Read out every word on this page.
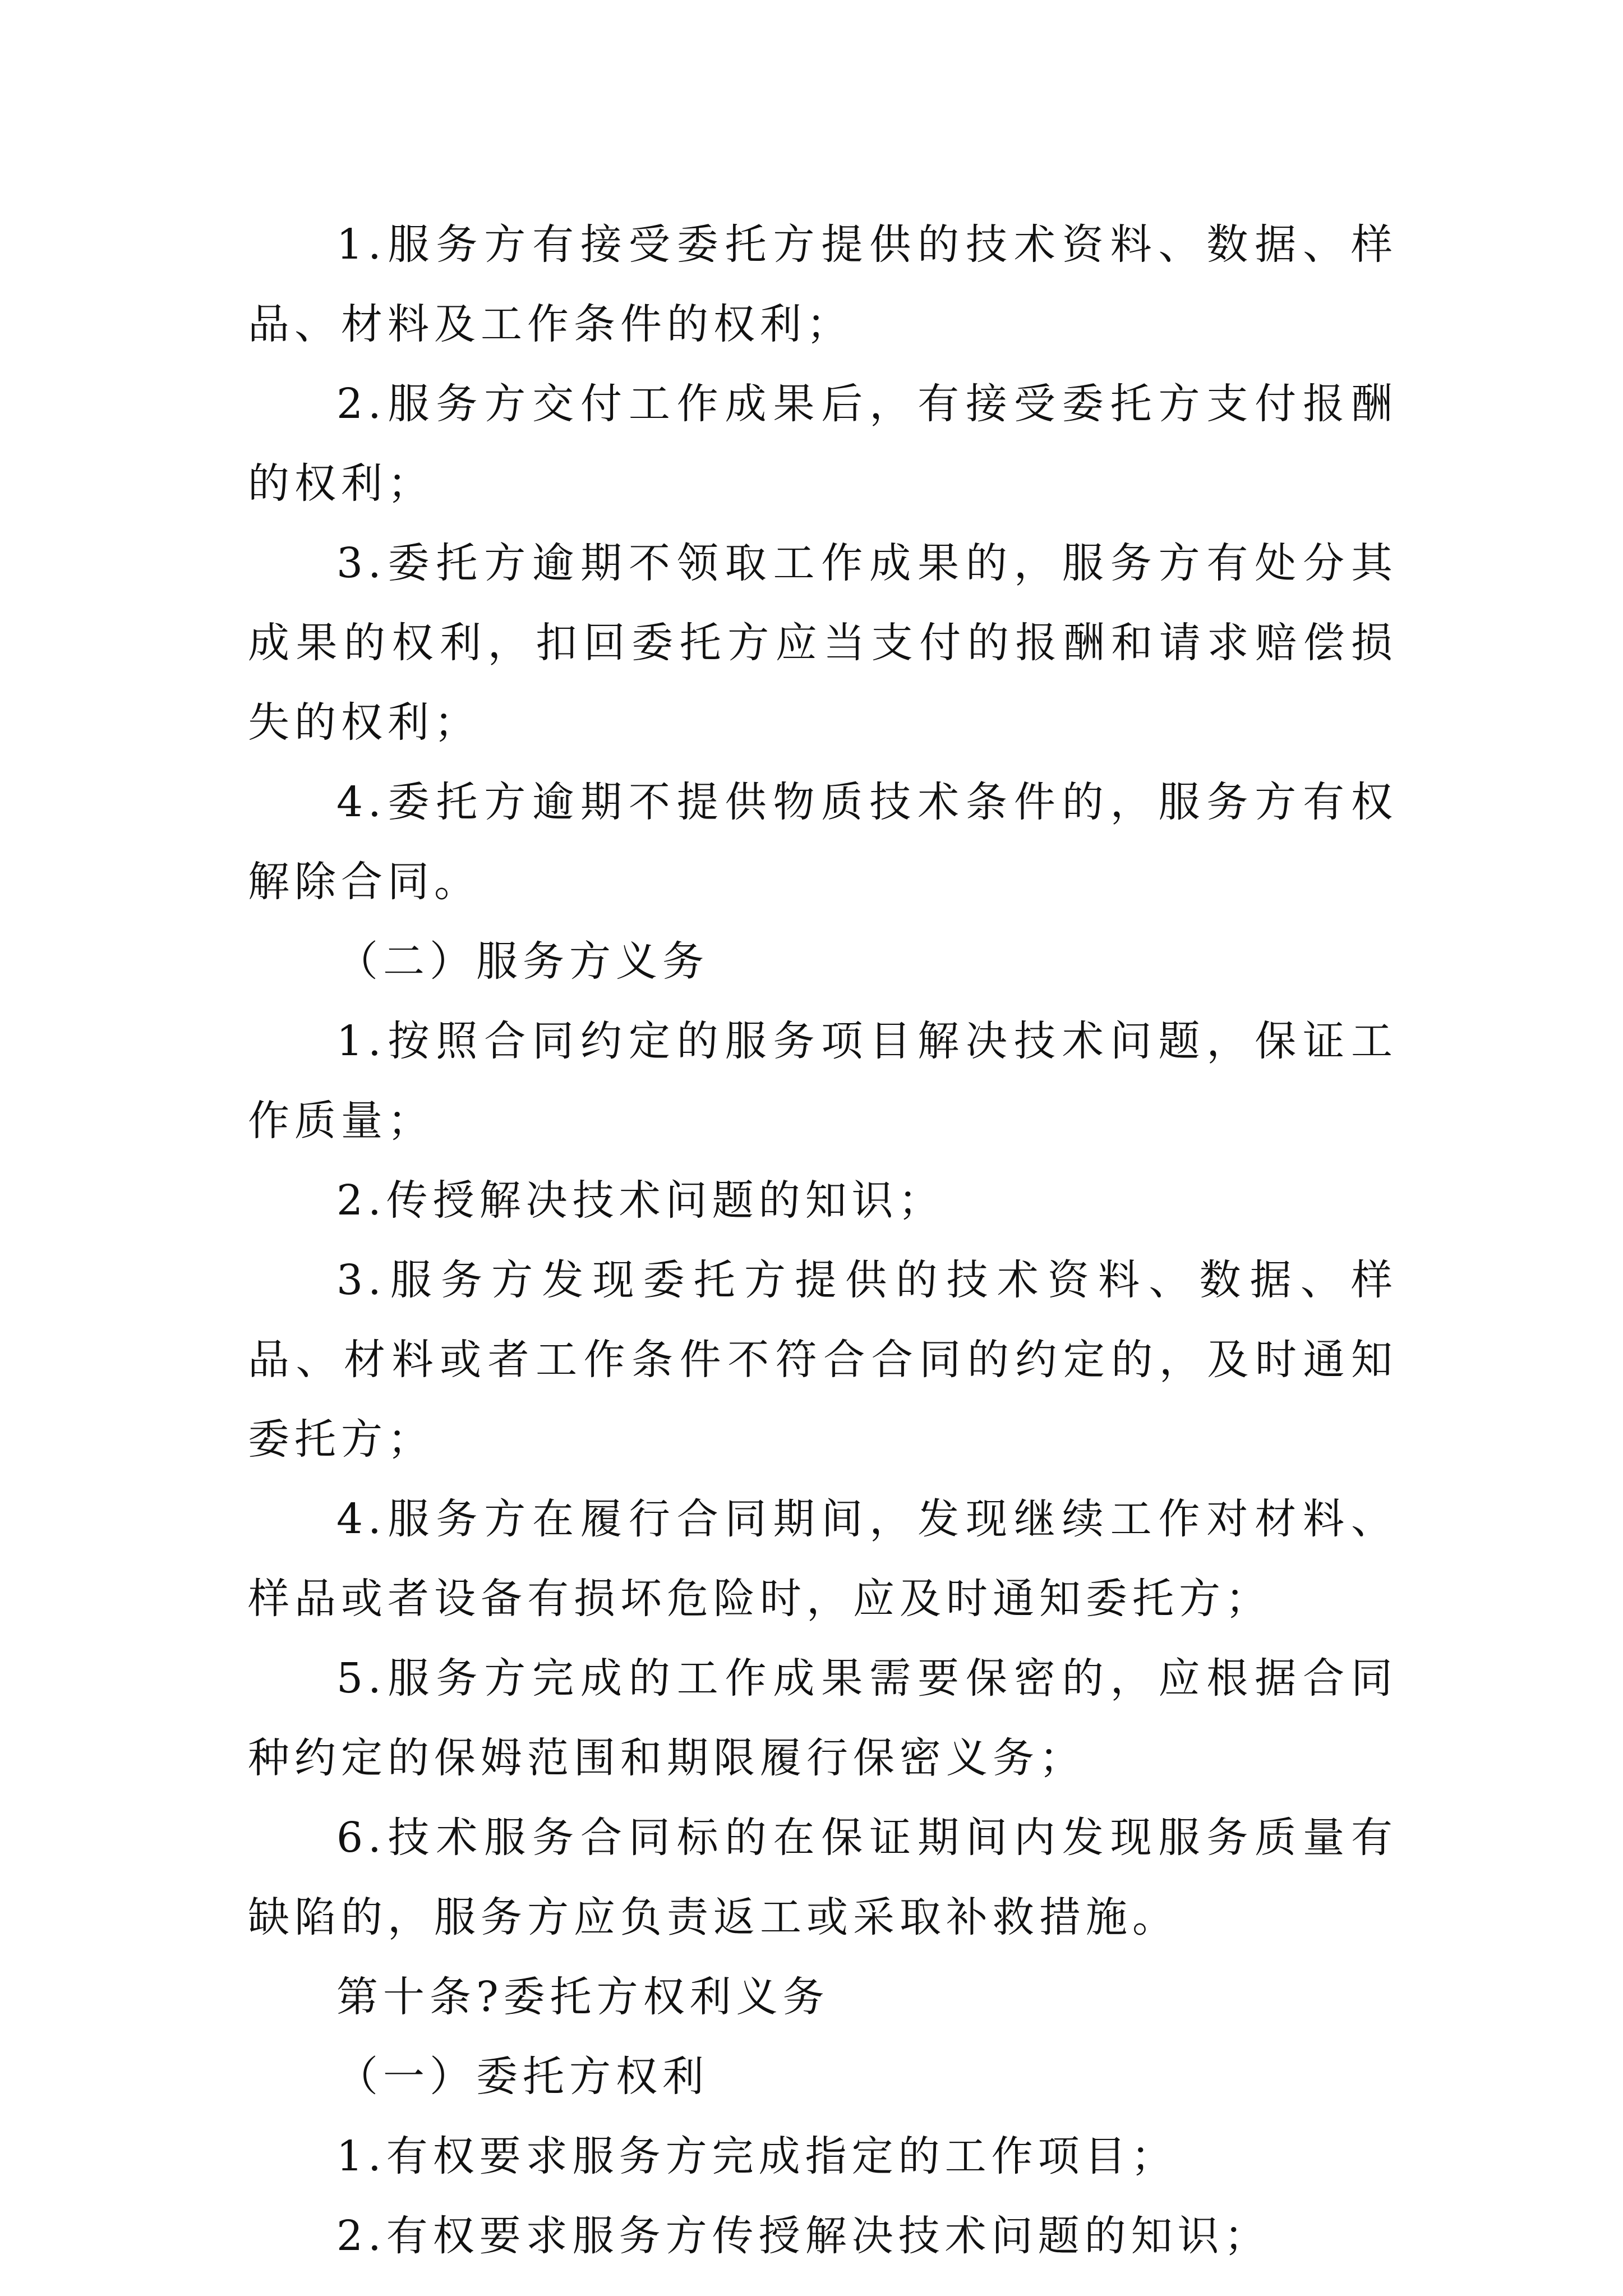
1.服务方有接受委托方提供的技术资料、数据、样品、材料及工作条件的权利；

2.服务方交付工作成果后，有接受委托方支付报酬的权利；

3.委托方逾期不领取工作成果的，服务方有处分其成果的权利，扣回委托方应当支付的报酬和请求赔偿损失的权利；

4.委托方逾期不提供物质技术条件的，服务方有权解除合同。

（二）服务方义务

1.按照合同约定的服务项目解决技术问题，保证工作质量；

2.传授解决技术问题的知识；

3.服务方发现委托方提供的技术资料、数据、样品、材料或者工作条件不符合合同的约定的，及时通知委托方；

4.服务方在履行合同期间，发现继续工作对材料、样品或者设备有损坏危险时，应及时通知委托方；

5.服务方完成的工作成果需要保密的，应根据合同种约定的保姆范围和期限履行保密义务；

6.技术服务合同标的在保证期间内发现服务质量有缺陷的，服务方应负责返工或采取补救措施。

第十条?委托方权利义务

（一）委托方权利

1.有权要求服务方完成指定的工作项目；

2.有权要求服务方传授解决技术问题的知识；
